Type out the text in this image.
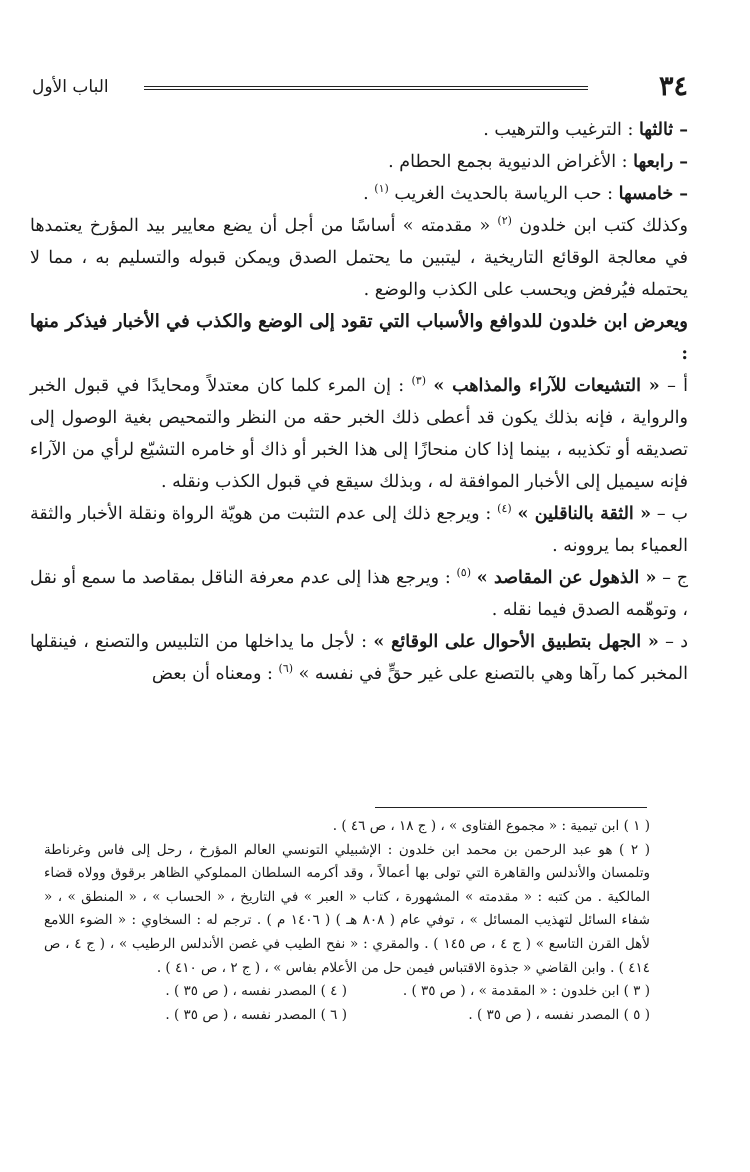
٣٤
الباب الأول

– ثالثها : الترغيب والترهيب .

– رابعها : الأغراض الدنيوية بجمع الحطام .

– خامسها : حب الرياسة بالحديث الغريب $^{(١)}$ .

وكذلك كتب ابن خلدون $^{(٢)}$ « مقدمته » أساسًا من أجل أن يضع معايير بيد المؤرخ يعتمدها في معالجة الوقائع التاريخية ، ليتبين ما يحتمل الصدق ويمكن قبوله والتسليم به ، مما لا يحتمله فيُرفض ويحسب على الكذب والوضع .

ويعرض ابن خلدون للدوافع والأسباب التي تقود إلى الوضع والكذب في الأخبار فيذكر منها :

أ – « التشيعات للآراء والمذاهب » $^{(٣)}$ : إن المرء كلما كان معتدلاً ومحايدًا في قبول الخبر والرواية ، فإنه بذلك يكون قد أعطى ذلك الخبر حقه من النظر والتمحيص بغية الوصول إلى تصديقه أو تكذيبه ، بينما إذا كان منحازًا إلى هذا الخبر أو ذاك أو خامره التشيّع لرأي من الآراء فإنه سيميل إلى الأخبار الموافقة له ، وبذلك سيقع في قبول الكذب ونقله .

ب – « الثقة بالناقلين » $^{(٤)}$ : ويرجع ذلك إلى عدم التثبت من هويّة الرواة ونقلة الأخبار والثقة العمياء بما يروونه .

ج – « الذهول عن المقاصد » $^{(٥)}$ : ويرجع هذا إلى عدم معرفة الناقل بمقاصد ما سمع أو نقل ، وتوهّمه الصدق فيما نقله .

د – « الجهل بتطبيق الأحوال على الوقائع » : لأجل ما يداخلها من التلبيس والتصنع ، فينقلها المخبر كما رآها وهي بالتصنع على غير حقٍّ في نفسه » $^{(٦)}$ : ومعناه أن بعض

( ١ ) ابن تيمية : « مجموع الفتاوى » ، ( ج ١٨ ، ص ٤٦ ) .

( ٢ ) هو عبد الرحمن بن محمد ابن خلدون : الإشبيلي التونسي العالم المؤرخ ، رحل إلى فاس وغرناطة وتلمسان والأندلس والقاهرة التي تولى بها أعمالاً ، وقد أكرمه السلطان المملوكي الظاهر برقوق وولاه قضاء المالكية . من كتبه : « مقدمته » المشهورة ، كتاب « العبر » في التاريخ ، « الحساب » ، « المنطق » ، « شفاء السائل لتهذيب المسائل » ، توفي عام ( ٨٠٨ هـ ) ( ١٤٠٦ م ) . ترجم له : السخاوي : « الضوء اللامع لأهل القرن التاسع » ( ج ٤ ، ص ١٤٥ ) . والمقري : « نفح الطيب في غصن الأندلس الرطيب » ، ( ج ٤ ، ص ٤١٤ ) . وابن القاضي « جذوة الاقتباس فيمن حل من الأعلام بفاس » ، ( ج ٢ ، ص ٤١٠ ) .

( ٣ ) ابن خلدون : « المقدمة » ، ( ص ٣٥ ) .
( ٤ ) المصدر نفسه ، ( ص ٣٥ ) .

( ٥ ) المصدر نفسه ، ( ص ٣٥ ) .
( ٦ ) المصدر نفسه ، ( ص ٣٥ ) .
